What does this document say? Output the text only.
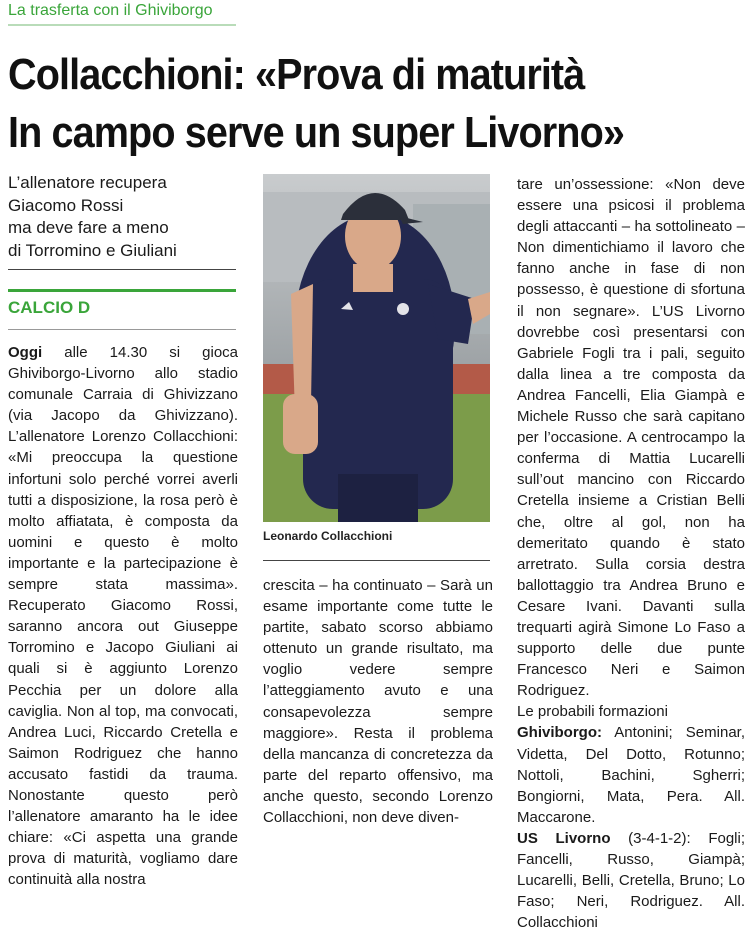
La trasferta con il Ghiviborgo
Collacchioni: «Prova di maturità
In campo serve un super Livorno»
L’allenatore recupera
Giacomo Rossi
ma deve fare a meno
di Torromino e Giuliani
CALCIO D

Oggi alle 14.30 si gioca Ghiviborgo-Livorno allo stadio comunale Carraia di Ghivizzano (via Jacopo da Ghivizzano). L’allenatore Lorenzo Collacchioni: «Mi preoccupa la questione infortuni solo perché vorrei averli tutti a disposizione, la rosa però è molto affiatata, è composta da uomini e questo è molto importante e la partecipazione è sempre stata massima». Recuperato Giacomo Rossi, saranno ancora out Giuseppe Torromino e Jacopo Giuliani ai quali si è aggiunto Lorenzo Pecchia per un dolore alla caviglia. Non al top, ma convocati, Andrea Luci, Riccardo Cretella e Saimon Rodriguez che hanno accusato fastidi da trauma. Nonostante questo però l’allenatore amaranto ha le idee chiare: «Ci aspetta una grande prova di maturità, vogliamo dare continuità alla nostra

Leonardo Collacchioni

crescita – ha continuato – Sarà un esame importante come tutte le partite, sabato scorso abbiamo ottenuto un grande risultato, ma voglio vedere sempre l’atteggiamento avuto e una consapevolezza sempre maggiore». Resta il problema della mancanza di concretezza da parte del reparto offensivo, ma anche questo, secondo Lorenzo Collacchioni, non deve diven-

tare un’ossessione: «Non deve essere una psicosi il problema degli attaccanti – ha sottolineato – Non dimentichiamo il lavoro che fanno anche in fase di non possesso, è questione di sfortuna il non segnare». L’US Livorno dovrebbe così presentarsi con Gabriele Fogli tra i pali, seguito dalla linea a tre composta da Andrea Fancelli, Elia Giampà e Michele Russo che sarà capitano per l’occasione. A centrocampo la conferma di Mattia Lucarelli sull’out mancino con Riccardo Cretella insieme a Cristian Belli che, oltre al gol, non ha demeritato quando è stato arretrato. Sulla corsia destra ballottaggio tra Andrea Bruno e Cesare Ivani. Davanti sulla trequarti agirà Simone Lo Faso a supporto delle due punte Francesco Neri e Saimon Rodriguez.

Le probabili formazioni

Ghiviborgo: Antonini; Seminar, Videtta, Del Dotto, Rotunno; Nottoli, Bachini, Sgherri; Bongiorni, Mata, Pera. All. Maccarone.

US Livorno (3-4-1-2): Fogli; Fancelli, Russo, Giampà; Lucarelli, Belli, Cretella, Bruno; Lo Faso; Neri, Rodriguez. All. Collacchioni
